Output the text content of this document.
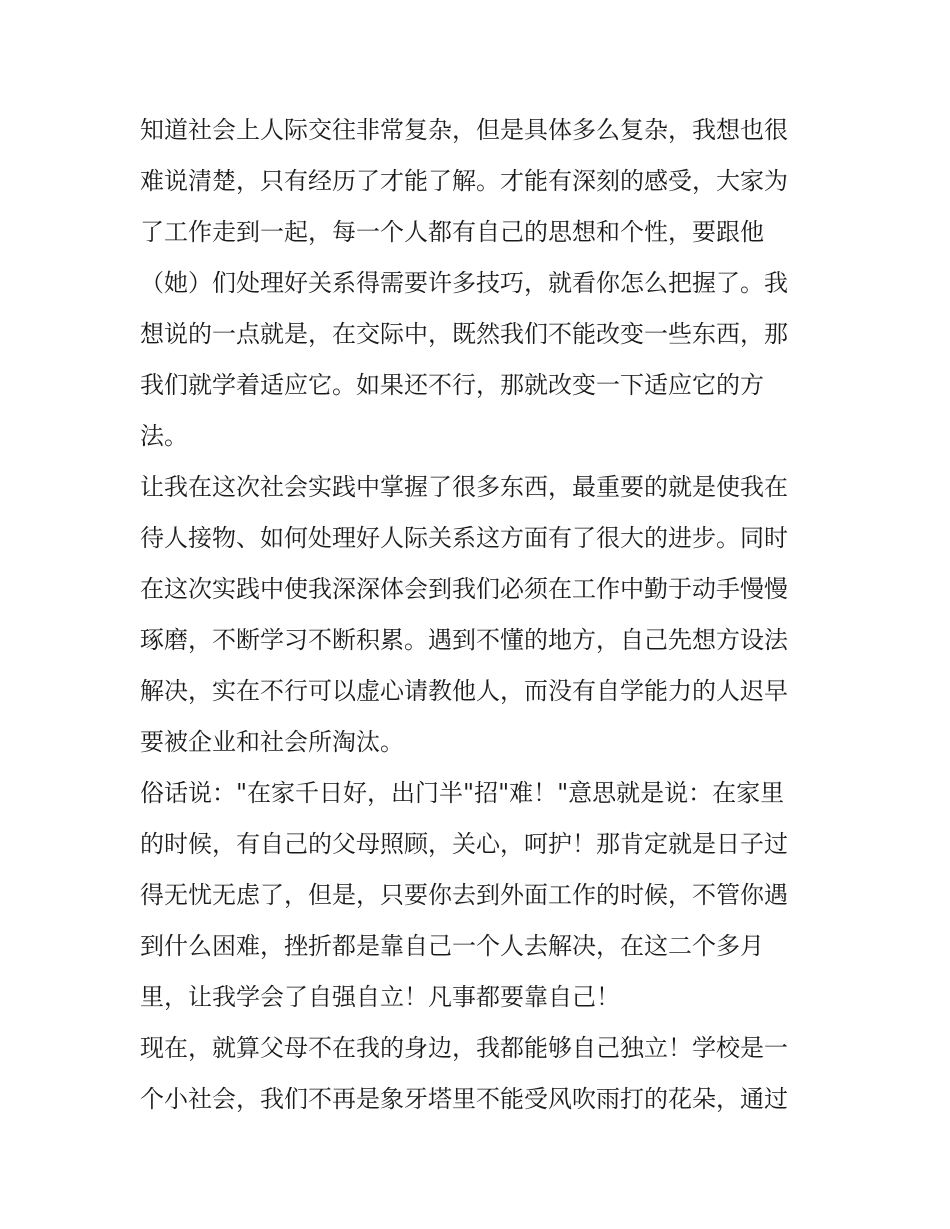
知道社会上人际交往非常复杂，但是具体多么复杂，我想也很
难说清楚，只有经历了才能了解。才能有深刻的感受，大家为
了工作走到一起，每一个人都有自己的思想和个性，要跟他
（她）们处理好关系得需要许多技巧，就看你怎么把握了。我
想说的一点就是，在交际中，既然我们不能改变一些东西，那
我们就学着适应它。如果还不行，那就改变一下适应它的方
法。
让我在这次社会实践中掌握了很多东西，最重要的就是使我在
待人接物、如何处理好人际关系这方面有了很大的进步。同时
在这次实践中使我深深体会到我们必须在工作中勤于动手慢慢
琢磨，不断学习不断积累。遇到不懂的地方，自己先想方设法
解决，实在不行可以虚心请教他人，而没有自学能力的人迟早
要被企业和社会所淘汰。
俗话说："在家千日好，出门半"招"难！"意思就是说：在家里
的时候，有自己的父母照顾，关心，呵护！那肯定就是日子过
得无忧无虑了，但是，只要你去到外面工作的时候，不管你遇
到什么困难，挫折都是靠自己一个人去解决，在这二个多月
里，让我学会了自强自立！凡事都要靠自己！
现在，就算父母不在我的身边，我都能够自己独立！学校是一
个小社会，我们不再是象牙塔里不能受风吹雨打的花朵，通过
